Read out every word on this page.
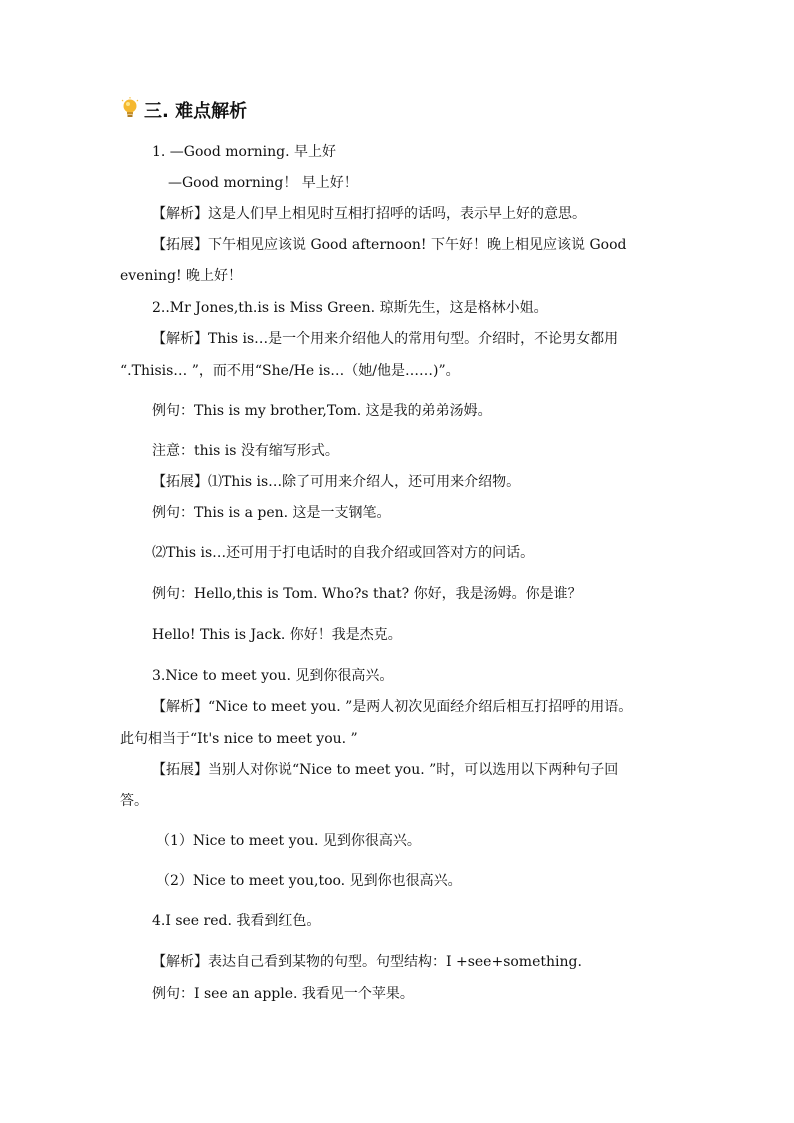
三. 难点解析
1. —Good morning. 早上好
—Good morning！ 早上好！
【解析】这是人们早上相见时互相打招呼的话吗，表示早上好的意思。
【拓展】下午相见应该说 Good afternoon! 下午好！晚上相见应该说 Good
evening! 晚上好！
2..Mr Jones,th.is is Miss Green. 琼斯先生，这是格林小姐。
【解析】This is…是一个用来介绍他人的常用句型。介绍时，不论男女都用
“.Thisis… ”，而不用“She/He is…（她/他是……)”。
例句：This is my brother,Tom. 这是我的弟弟汤姆。
注意：this is 没有缩写形式。
【拓展】⑴This is…除了可用来介绍人，还可用来介绍物。
例句：This is a pen. 这是一支钢笔。
⑵This is…还可用于打电话时的自我介绍或回答对方的问话。
例句：Hello,this is Tom. Who?s that? 你好，我是汤姆。你是谁？
Hello! This is Jack. 你好！我是杰克。
3.Nice to meet you. 见到你很高兴。
【解析】“Nice to meet you. ”是两人初次见面经介绍后相互打招呼的用语。
此句相当于“It's nice to meet you. ”
【拓展】当别人对你说“Nice to meet you. ”时，可以选用以下两种句子回
答。
（1）Nice to meet you. 见到你很高兴。
（2）Nice to meet you,too. 见到你也很高兴。
4.I see red. 我看到红色。
【解析】表达自己看到某物的句型。句型结构：I +see+something.
例句：I see an apple. 我看见一个苹果。
